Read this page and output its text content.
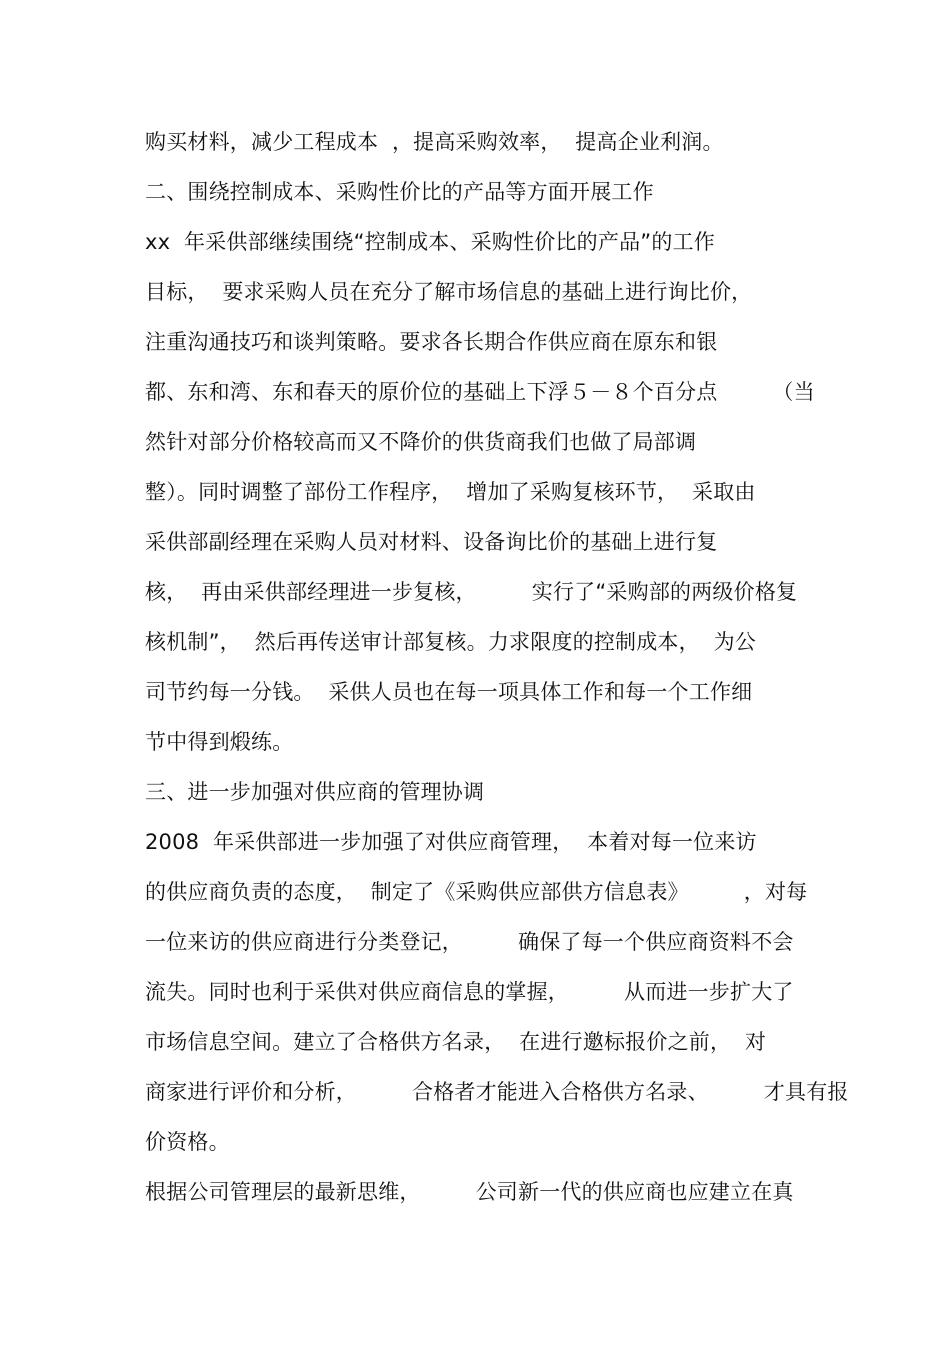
购买材料，减少工程成本  ，提高采购效率，  提高企业利润。
二、围绕控制成本、采购性价比的产品等方面开展工作
xx  年采供部继续围绕“控制成本、采购性价比的产品”的工作
目标，  要求采购人员在充分了解市场信息的基础上进行询比价，
注重沟通技巧和谈判策略。要求各长期合作供应商在原东和银
都、东和湾、东和春天的原价位的基础上下浮５－８个百分点        （当
然针对部分价格较高而又不降价的供货商我们也做了局部调
整）。同时调整了部份工作程序，  增加了采购复核环节，  采取由
采供部副经理在采购人员对材料、设备询比价的基础上进行复
核，  再由采供部经理进一步复核，        实行了“采购部的两级价格复
核机制”，  然后再传送审计部复核。力求限度的控制成本，  为公
司节约每一分钱。  采供人员也在每一项具体工作和每一个工作细
节中得到煅练。
三、进一步加强对供应商的管理协调
2008  年采供部进一步加强了对供应商管理，  本着对每一位来访
的供应商负责的态度，  制定了《采购供应部供方信息表》        ，对每
一位来访的供应商进行分类登记，        确保了每一个供应商资料不会
流失。同时也利于采供对供应商信息的掌握，        从而进一步扩大了
市场信息空间。建立了合格供方名录，  在进行邀标报价之前，  对
商家进行评价和分析，        合格者才能进入合格供方名录、        才具有报
价资格。
根据公司管理层的最新思维，        公司新一代的供应商也应建立在真
